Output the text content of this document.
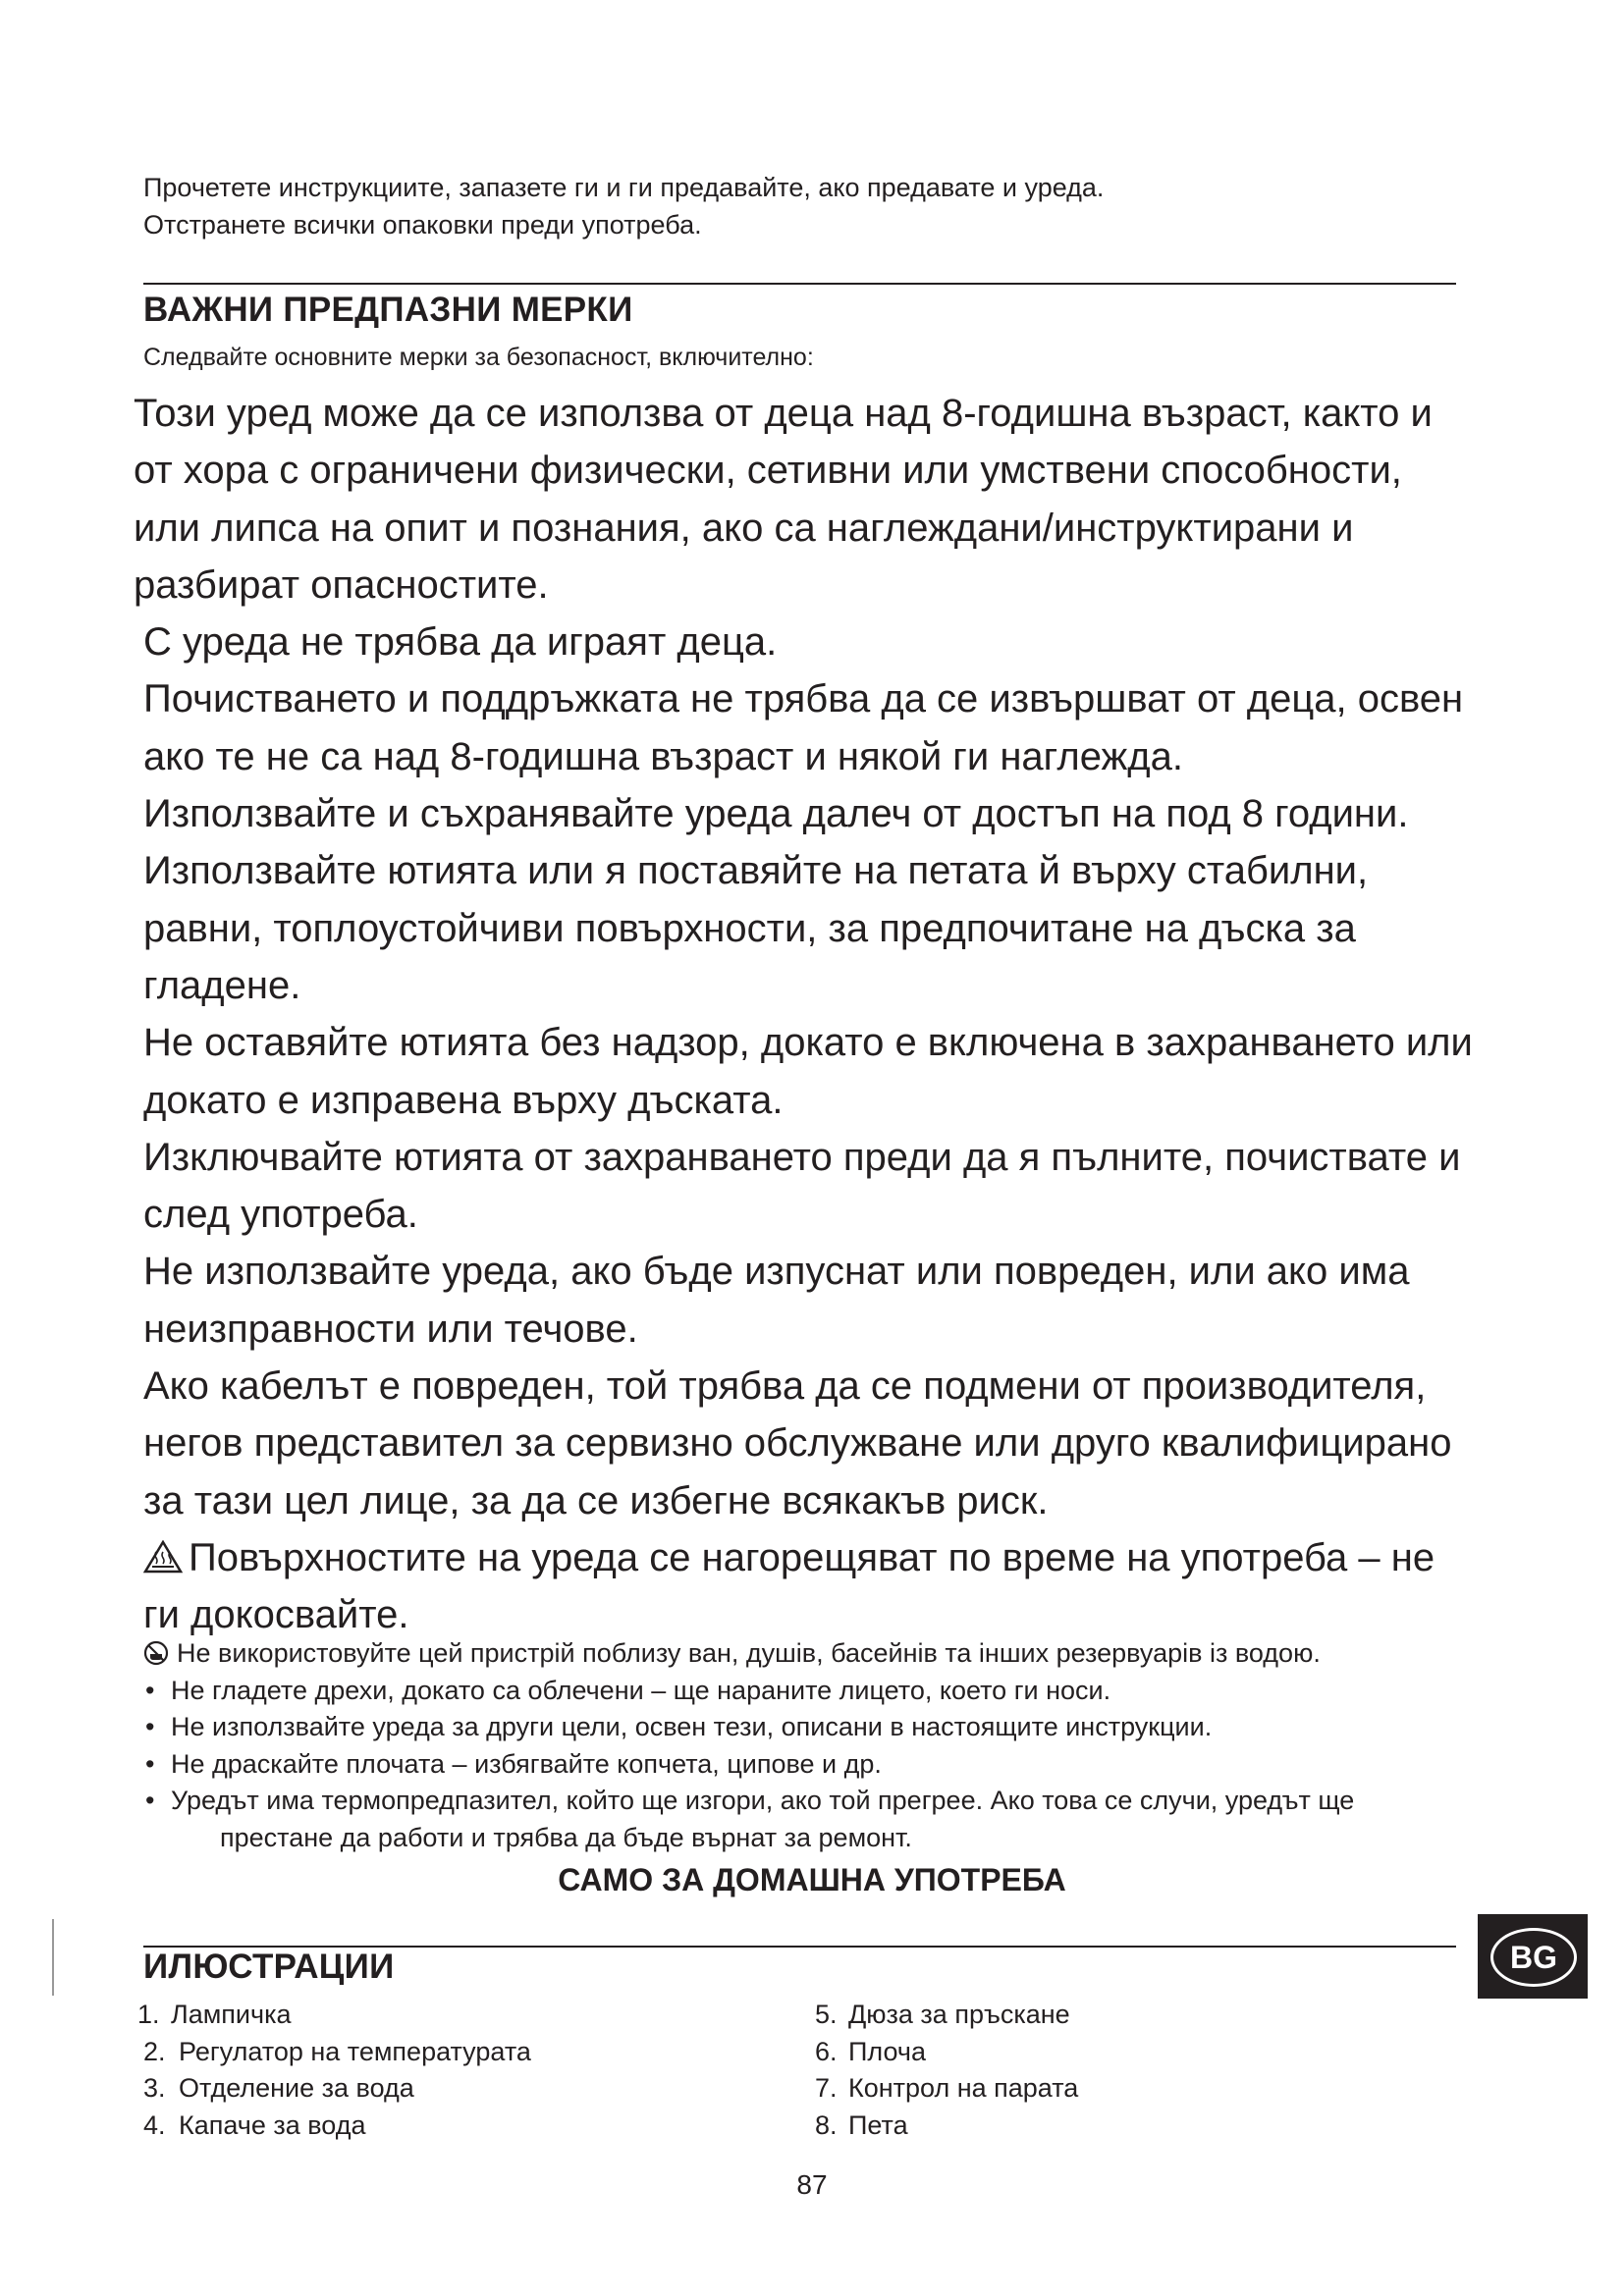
Прочетете инструкциите, запазете ги и ги предавайте, ако предавате и уреда.
Отстранете всички опаковки преди употреба.
ВАЖНИ ПРЕДПАЗНИ МЕРКИ
Следвайте основните мерки за безопасност, включително:

Този уред може да се използва от деца над 8-годишна възраст, както и от хора с ограничени физически, сетивни или умствени способности, или липса на опит и познания, ако са наглеждани/инструктирани и разбират опасностите.

С уреда не трябва да играят деца.

Почистването и поддръжката не трябва да се извършват от деца, освен ако те не са над 8-годишна възраст и някой ги наглежда.

Използвайте и съхранявайте уреда далеч от достъп на под 8 години.

Използвайте ютията или я поставяйте на петата й върху стабилни, равни, топлоустойчиви повърхности, за предпочитане на дъска за гладене.

Не оставяйте ютията без надзор, докато е включена в захранването или докато е изправена върху дъската.

Изключвайте ютията от захранването преди да я пълните, почиствате и след употреба.

Не използвайте уреда, ако бъде изпуснат или повреден, или ако има неизправности или течове.

Ако кабелът е повреден, той трябва да се подмени от производителя, негов представител за сервизно обслужване или друго квалифицирано за тази цел лице, за да се избегне всякакъв риск.

Повърхностите на уреда се нагорещяват по време на употреба – не ги докосвайте.

Не використовуйте цей пристрій поблизу ван, душів, басейнів та інших резервуарів із водою.

• Не гладете дрехи, докато са облечени – ще нараните лицето, което ги носи.

• Не използвайте уреда за други цели, освен тези, описани в настоящите инструкции.

• Не драскайте плочата – избягвайте копчета, ципове и др.

• Уредът има термопредпазител, който ще изгори, ако той прегрее. Ако това се случи, уредът ще

престане да работи и трябва да бъде върнат за ремонт.

САМО ЗА ДОМАШНА УПОТРЕБА
BG
ИЛЮСТРАЦИИ
1. Лампичка
2. Регулатор на температурата
3. Отделение за вода
4. Капаче за вода
5. Дюза за пръскане
6. Плоча
7. Контрол на парата
8. Пета
87
